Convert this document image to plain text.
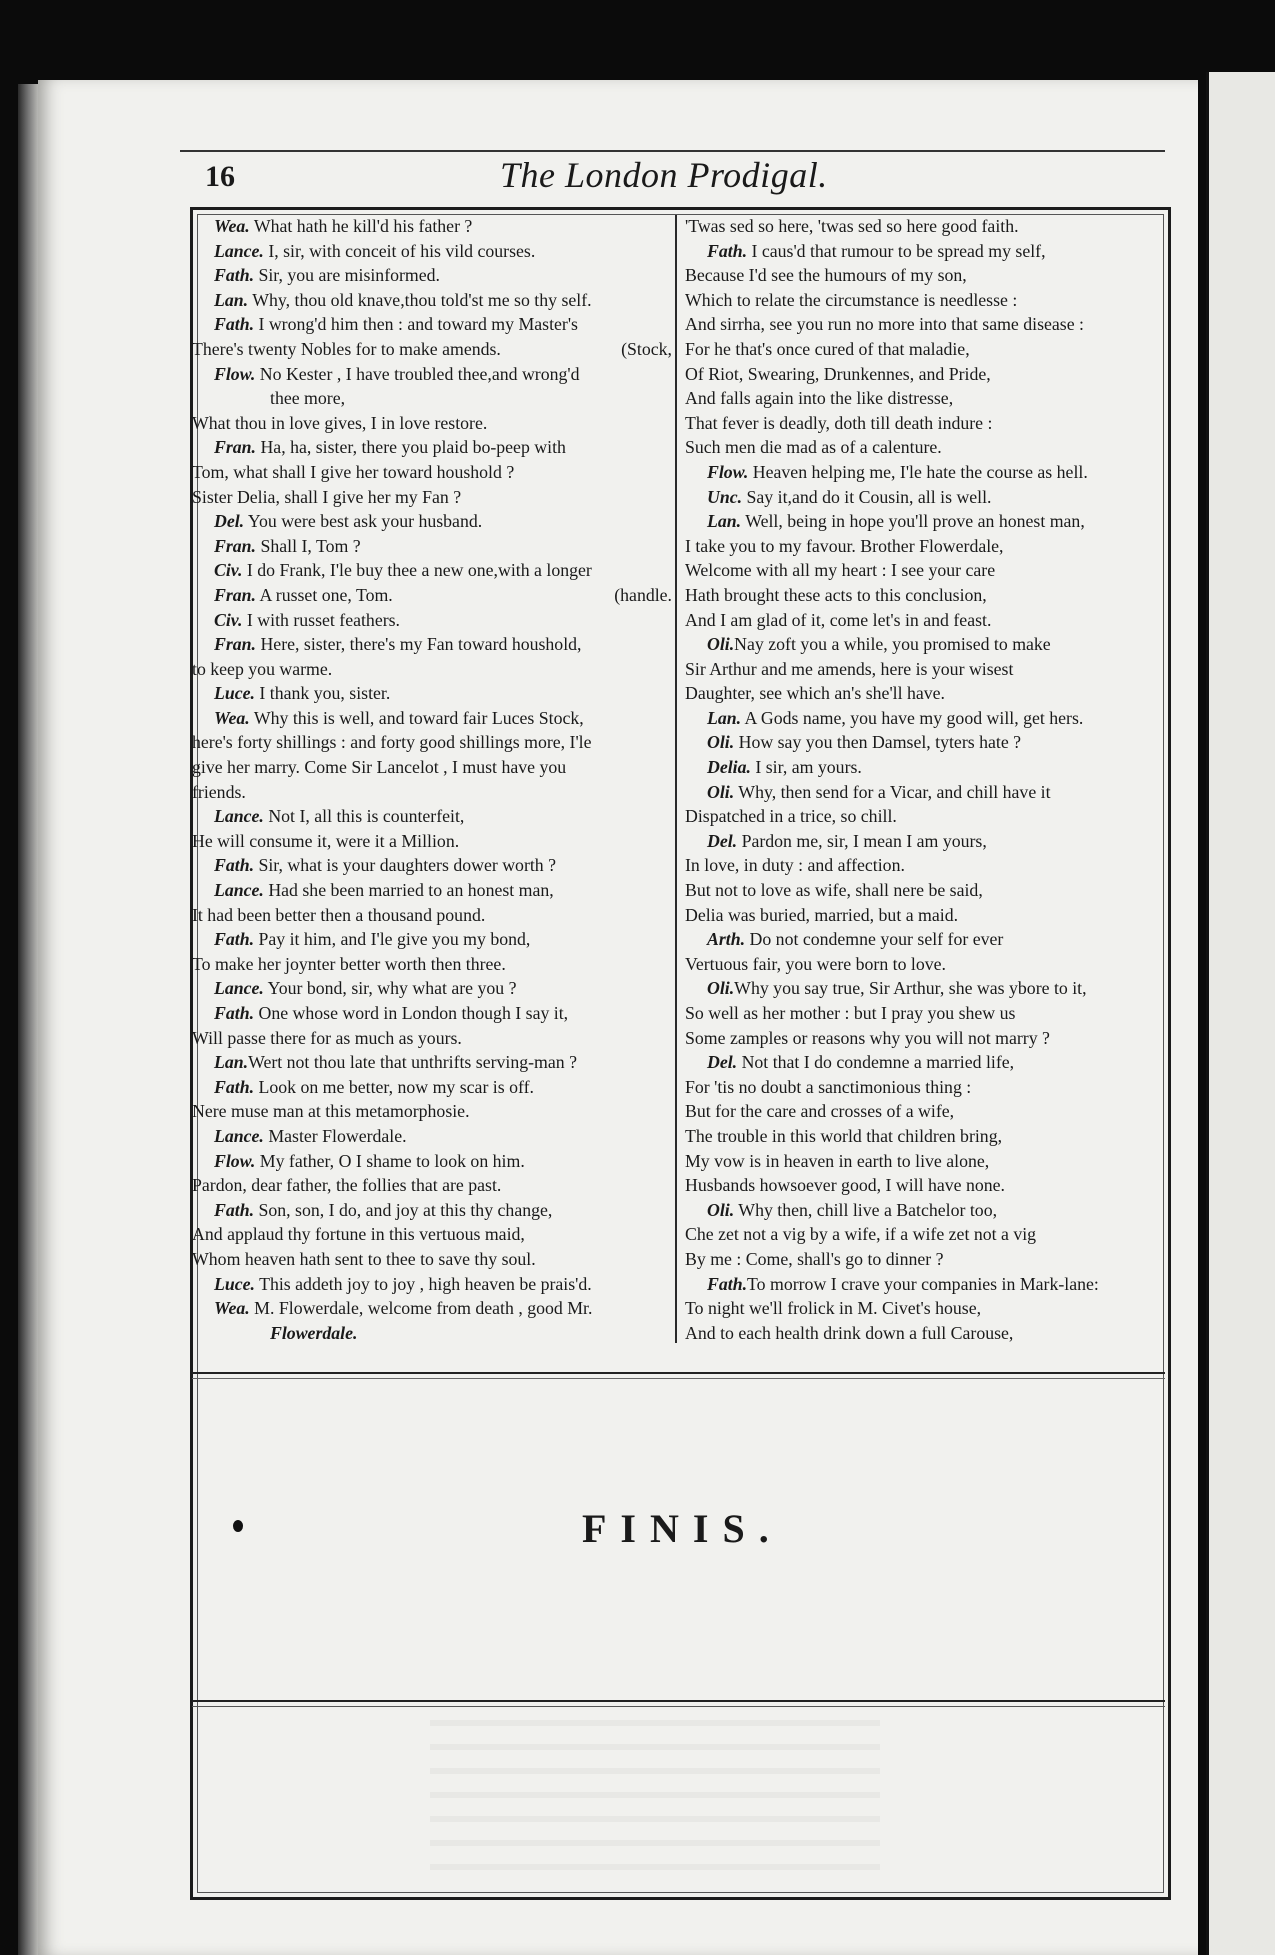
16	The London Prodigal.
Wea. What hath he kill'd his father ?
Lance. I, sir, with conceit of his vild courses.
Fath. Sir, you are misinformed.
Lan. Why, thou old knave,thou told'st me so thy self.
Fath. I wrong'd him then : and toward my Master's
There's twenty Nobles for to make amends.	(Stock,
Flow. No Kester , I have troubled thee,and wrong'd
thee more,
What thou in love gives, I in love restore.
Fran. Ha, ha, sister, there you plaid bo-peep with
Tom, what shall I give her toward houshold ?
Sister Delia, shall I give her my Fan ?
Del. You were best ask your husband.
Fran. Shall I, Tom ?
Civ. I do Frank, I'le buy thee a new one,with a longer
Fran. A russet one, Tom.	(handle.
Civ. I with russet feathers.
Fran. Here, sister, there's my Fan toward houshold,
to keep you warme.
Luce. I thank you, sister.
Wea. Why this is well, and toward fair Luces Stock,
here's forty shillings : and forty good shillings more, I'le
give her marry. Come Sir Lancelot , I must have you
friends.
Lance. Not I, all this is counterfeit,
He will consume it, were it a Million.
Fath. Sir, what is your daughters dower worth ?
Lance. Had she been married to an honest man,
It had been better then a thousand pound.
Fath. Pay it him, and I'le give you my bond,
To make her joynter better worth then three.
Lance. Your bond, sir, why what are you ?
Fath. One whose word in London though I say it,
Will passe there for as much as yours.
Lan.Wert not thou late that unthrifts serving-man ?
Fath. Look on me better, now my scar is off.
Nere muse man at this metamorphosie.
Lance. Master Flowerdale.
Flow. My father, O I shame to look on him.
Pardon, dear father, the follies that are past.
Fath. Son, son, I do, and joy at this thy change,
And applaud thy fortune in this vertuous maid,
Whom heaven hath sent to thee to save thy soul.
Luce. This addeth joy to joy , high heaven be prais'd.
Wea. M. Flowerdale, welcome from death , good Mr.
Flowerdale.
'Twas sed so here, 'twas sed so here good faith.
Fath. I caus'd that rumour to be spread my self,
Because I'd see the humours of my son,
Which to relate the circumstance is needlesse :
And sirrha, see you run no more into that same disease :
For he that's once cured of that maladie,
Of Riot, Swearing, Drunkennes, and Pride,
And falls again into the like distresse,
That fever is deadly, doth till death indure :
Such men die mad as of a calenture.
Flow. Heaven helping me, I'le hate the course as hell.
Unc. Say it,and do it Cousin, all is well.
Lan. Well, being in hope you'll prove an honest man,
I take you to my favour. Brother Flowerdale,
Welcome with all my heart : I see your care
Hath brought these acts to this conclusion,
And I am glad of it, come let's in and feast.
Oli.Nay zoft you a while, you promised to make
Sir Arthur and me amends, here is your wisest
Daughter, see which an's she'll have.
Lan. A Gods name, you have my good will, get hers.
Oli. How say you then Damsel, tyters hate ?
Delia. I sir, am yours.
Oli. Why, then send for a Vicar, and chill have it
Dispatched in a trice, so chill.
Del. Pardon me, sir, I mean I am yours,
In love, in duty : and affection.
But not to love as wife, shall nere be said,
Delia was buried, married, but a maid.
Arth. Do not condemne your self for ever
Vertuous fair, you were born to love.
Oli.Why you say true, Sir Arthur, she was ybore to it,
So well as her mother : but I pray you shew us
Some zamples or reasons why you will not marry ?
Del. Not that I do condemne a married life,
For 'tis no doubt a sanctimonious thing :
But for the care and crosses of a wife,
The trouble in this world that children bring,
My vow is in heaven in earth to live alone,
Husbands howsoever good, I will have none.
Oli. Why then, chill live a Batchelor too,
Che zet not a vig by a wife, if a wife zet not a vig
By me : Come, shall's go to dinner ?
Fath.To morrow I crave your companies in Mark-lane:
To night we'll frolick in M. Civet's house,
And to each health drink down a full Carouse,
FINIS.
